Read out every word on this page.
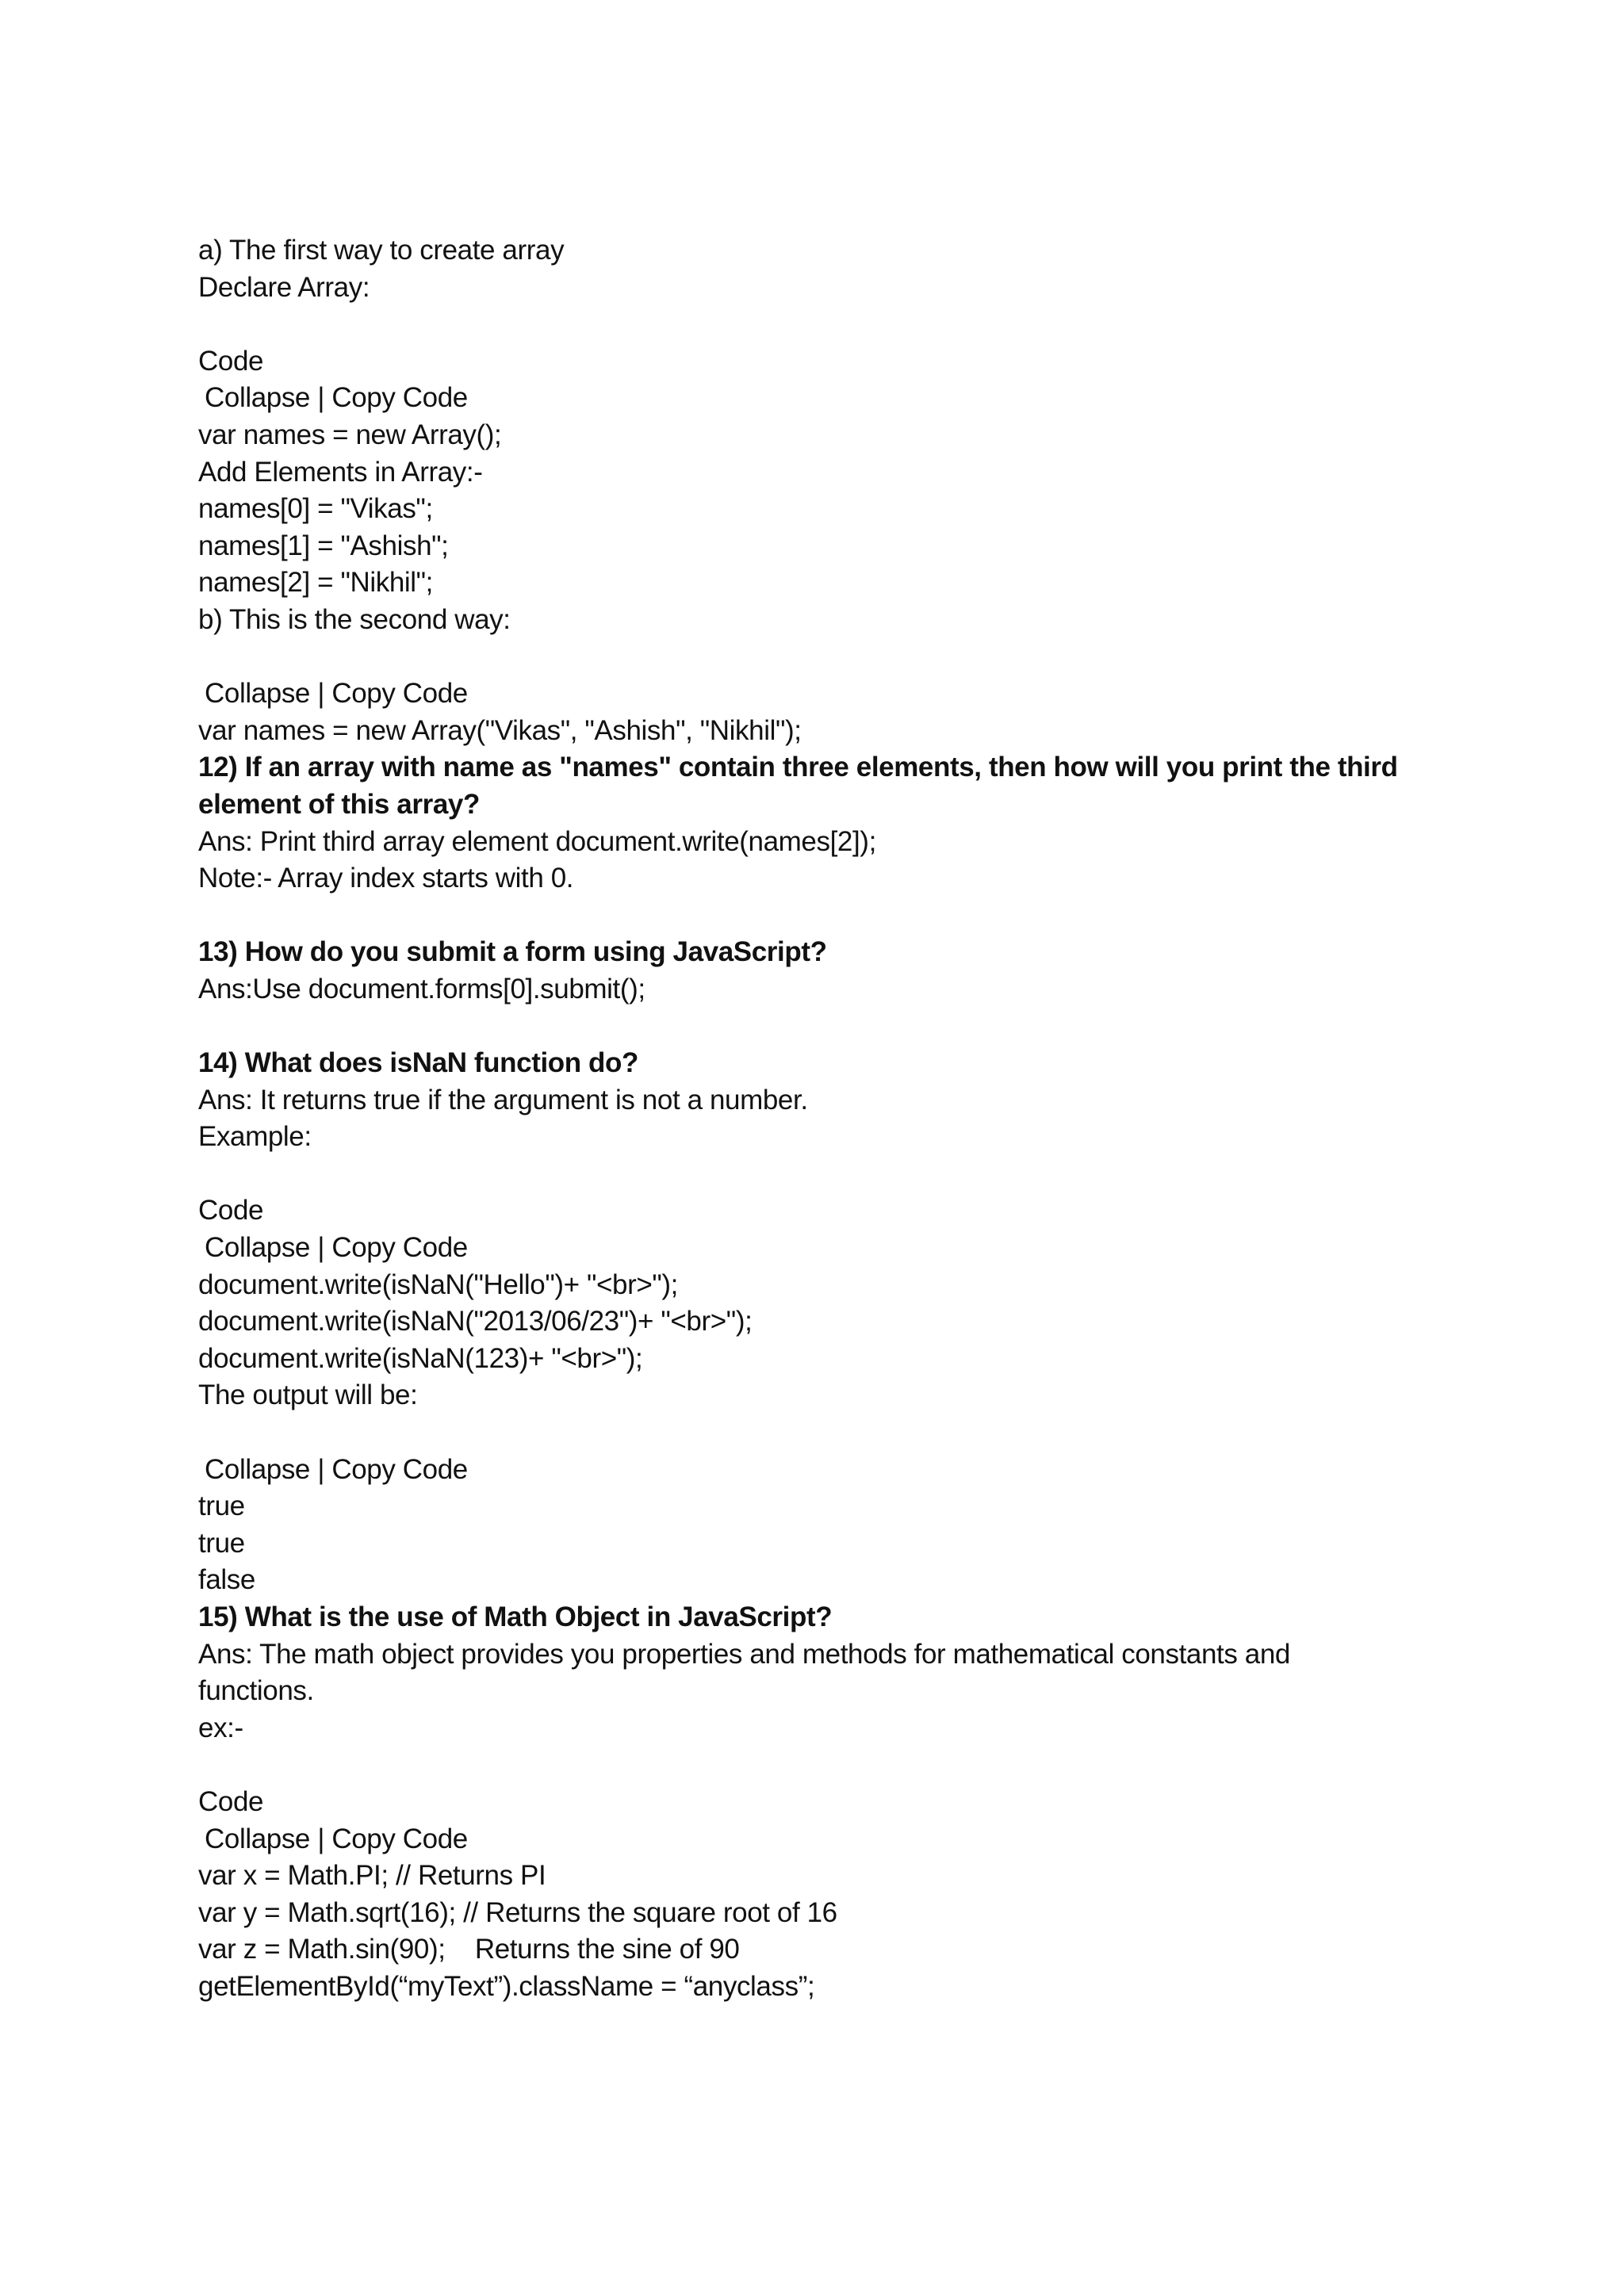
a) The first way to create array
Declare Array:
Code
Collapse | Copy Code
var names = new Array();
Add Elements in Array:-
names[0] = "Vikas";
names[1] = "Ashish";
names[2] = "Nikhil";
b) This is the second way:
Collapse | Copy Code
var names = new Array("Vikas", "Ashish", "Nikhil");
12) If an array with name as "names" contain three elements, then how will you print the third
element of this array?
Ans: Print third array element document.write(names[2]);
Note:- Array index starts with 0.
13) How do you submit a form using JavaScript?
Ans:Use document.forms[0].submit();
14) What does isNaN function do?
Ans: It returns true if the argument is not a number.
Example:
Code
Collapse | Copy Code
document.write(isNaN("Hello")+ "<br>");
document.write(isNaN("2013/06/23")+ "<br>");
document.write(isNaN(123)+ "<br>");
The output will be:
Collapse | Copy Code
true
true
false
15) What is the use of Math Object in JavaScript?
Ans: The math object provides you properties and methods for mathematical constants and
functions.
ex:-
Code
Collapse | Copy Code
var x = Math.PI; // Returns PI
var y = Math.sqrt(16); // Returns the square root of 16
var z = Math.sin(90);    Returns the sine of 90
getElementById(“myText”).className = “anyclass”;
